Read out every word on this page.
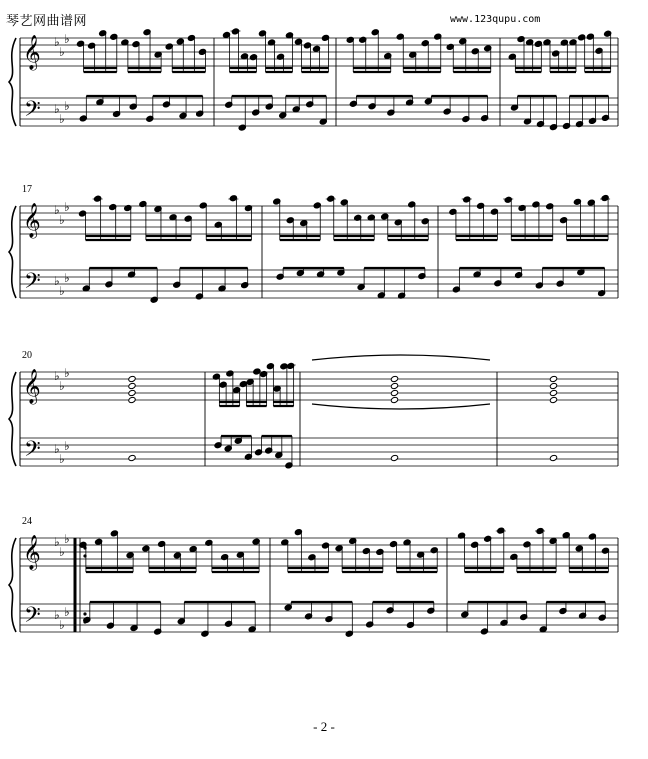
琴艺网曲谱网	www.123qupu.com
17
20
24
𝄞
𝄢
♭
♭
♭
♭
♭
♭
𝄞
𝄢
♭
♭
♭
♭
♭
♭
𝄞
𝄢
♭
♭
♭
♭
♭
♭
𝄞
𝄢
♭
♭
♭
♭
♭
♭
- 2 -
